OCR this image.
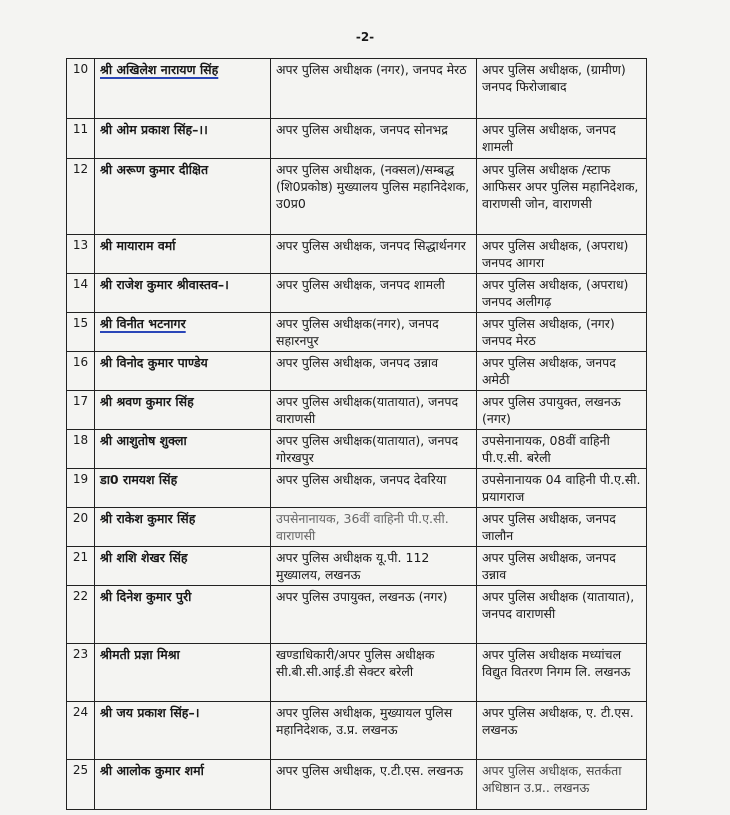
-2-
10	श्री अखिलेश नारायण सिंह	अपर पुलिस अधीक्षक (नगर), जनपद मेरठ	अपर पुलिस अधीक्षक, (ग्रामीण) जनपद फिरोजाबाद
11	श्री ओम प्रकाश सिंह–।।	अपर पुलिस अधीक्षक, जनपद सोनभद्र	अपर पुलिस अधीक्षक, जनपद शामली
12	श्री अरूण कुमार दीक्षित	अपर पुलिस अधीक्षक, (नक्सल)/सम्बद्ध (शि0प्रकोष्ठ) मुख्यालय पुलिस महानिदेशक, उ0प्र0	अपर पुलिस अधीक्षक /स्टाफ आफिसर अपर पुलिस महानिदेशक, वाराणसी जोन, वाराणसी
13	श्री मायाराम वर्मा	अपर पुलिस अधीक्षक, जनपद सिद्धार्थनगर	अपर पुलिस अधीक्षक, (अपराध) जनपद आगरा
14	श्री राजेश कुमार श्रीवास्तव–।	अपर पुलिस अधीक्षक, जनपद शामली	अपर पुलिस अधीक्षक, (अपराध) जनपद अलीगढ़
15	श्री विनीत भटनागर	अपर पुलिस अधीक्षक(नगर), जनपद सहारनपुर	अपर पुलिस अधीक्षक, (नगर) जनपद मेरठ
16	श्री विनोद कुमार पाण्डेय	अपर पुलिस अधीक्षक, जनपद उन्नाव	अपर पुलिस अधीक्षक, जनपद अमेठी
17	श्री श्रवण कुमार सिंह	अपर पुलिस अधीक्षक(यातायात), जनपद वाराणसी	अपर पुलिस उपायुक्त, लखनऊ (नगर)
18	श्री आशुतोष शुक्ला	अपर पुलिस अधीक्षक(यातायात), जनपद गोरखपुर	उपसेनानायक, 08वीं वाहिनी पी.ए.सी. बरेली
19	डा0 रामयश सिंह	अपर पुलिस अधीक्षक, जनपद देवरिया	उपसेनानायक 04 वाहिनी पी.ए.सी. प्रयागराज
20	श्री राकेश कुमार सिंह	उपसेनानायक, 36वीं वाहिनी पी.ए.सी. वाराणसी	अपर पुलिस अधीक्षक, जनपद जालौन
21	श्री शशि शेखर सिंह	अपर पुलिस अधीक्षक यू.पी. 112 मुख्यालय, लखनऊ	अपर पुलिस अधीक्षक, जनपद उन्नाव
22	श्री दिनेश कुमार पुरी	अपर पुलिस उपायुक्त, लखनऊ (नगर)	अपर पुलिस अधीक्षक (यातायात), जनपद वाराणसी
23	श्रीमती प्रज्ञा मिश्रा	खण्डाधिकारी/अपर पुलिस अधीक्षक सी.बी.सी.आई.डी सेक्टर बरेली	अपर पुलिस अधीक्षक मध्यांचल विद्युत वितरण निगम लि. लखनऊ
24	श्री जय प्रकाश सिंह–।	अपर पुलिस अधीक्षक, मुख्यायल पुलिस महानिदेशक, उ.प्र. लखनऊ	अपर पुलिस अधीक्षक, ए. टी.एस. लखनऊ
25	श्री आलोक कुमार शर्मा	अपर पुलिस अधीक्षक, ए.टी.एस. लखनऊ	अपर पुलिस अधीक्षक, सतर्कता अधिष्ठान उ.प्र.. लखनऊ
